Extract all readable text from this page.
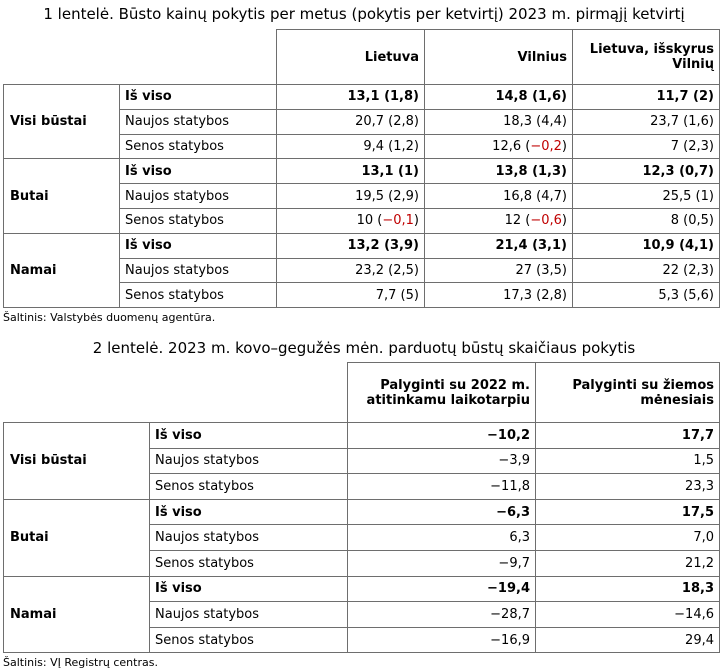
1 lentelė. Būsto kainų pokytis per metus (pokytis per ketvirtį) 2023 m. pirmąjį ketvirtį
		Lietuva	Vilnius	Lietuva, išskyrus Vilnių
Visi būstai	Iš viso	13,1 (1,8)	14,8 (1,6)	11,7 (2)
	Naujos statybos	20,7 (2,8)	18,3 (4,4)	23,7 (1,6)
	Senos statybos	9,4 (1,2)	12,6 (−0,2)	7 (2,3)
Butai	Iš viso	13,1 (1)	13,8 (1,3)	12,3 (0,7)
	Naujos statybos	19,5 (2,9)	16,8 (4,7)	25,5 (1)
	Senos statybos	10 (−0,1)	12 (−0,6)	8 (0,5)
Namai	Iš viso	13,2 (3,9)	21,4 (3,1)	10,9 (4,1)
	Naujos statybos	23,2 (2,5)	27 (3,5)	22 (2,3)
	Senos statybos	7,7 (5)	17,3 (2,8)	5,3 (5,6)
Šaltinis: Valstybės duomenų agentūra.
2 lentelė. 2023 m. kovo–gegužės mėn. parduotų būstų skaičiaus pokytis
		Palyginti su 2022 m. atitinkamu laikotarpiu	Palyginti su žiemos mėnesiais
Visi būstai	Iš viso	−10,2	17,7
	Naujos statybos	−3,9	1,5
	Senos statybos	−11,8	23,3
Butai	Iš viso	−6,3	17,5
	Naujos statybos	6,3	7,0
	Senos statybos	−9,7	21,2
Namai	Iš viso	−19,4	18,3
	Naujos statybos	−28,7	−14,6
	Senos statybos	−16,9	29,4
Šaltinis: VĮ Registrų centras.
